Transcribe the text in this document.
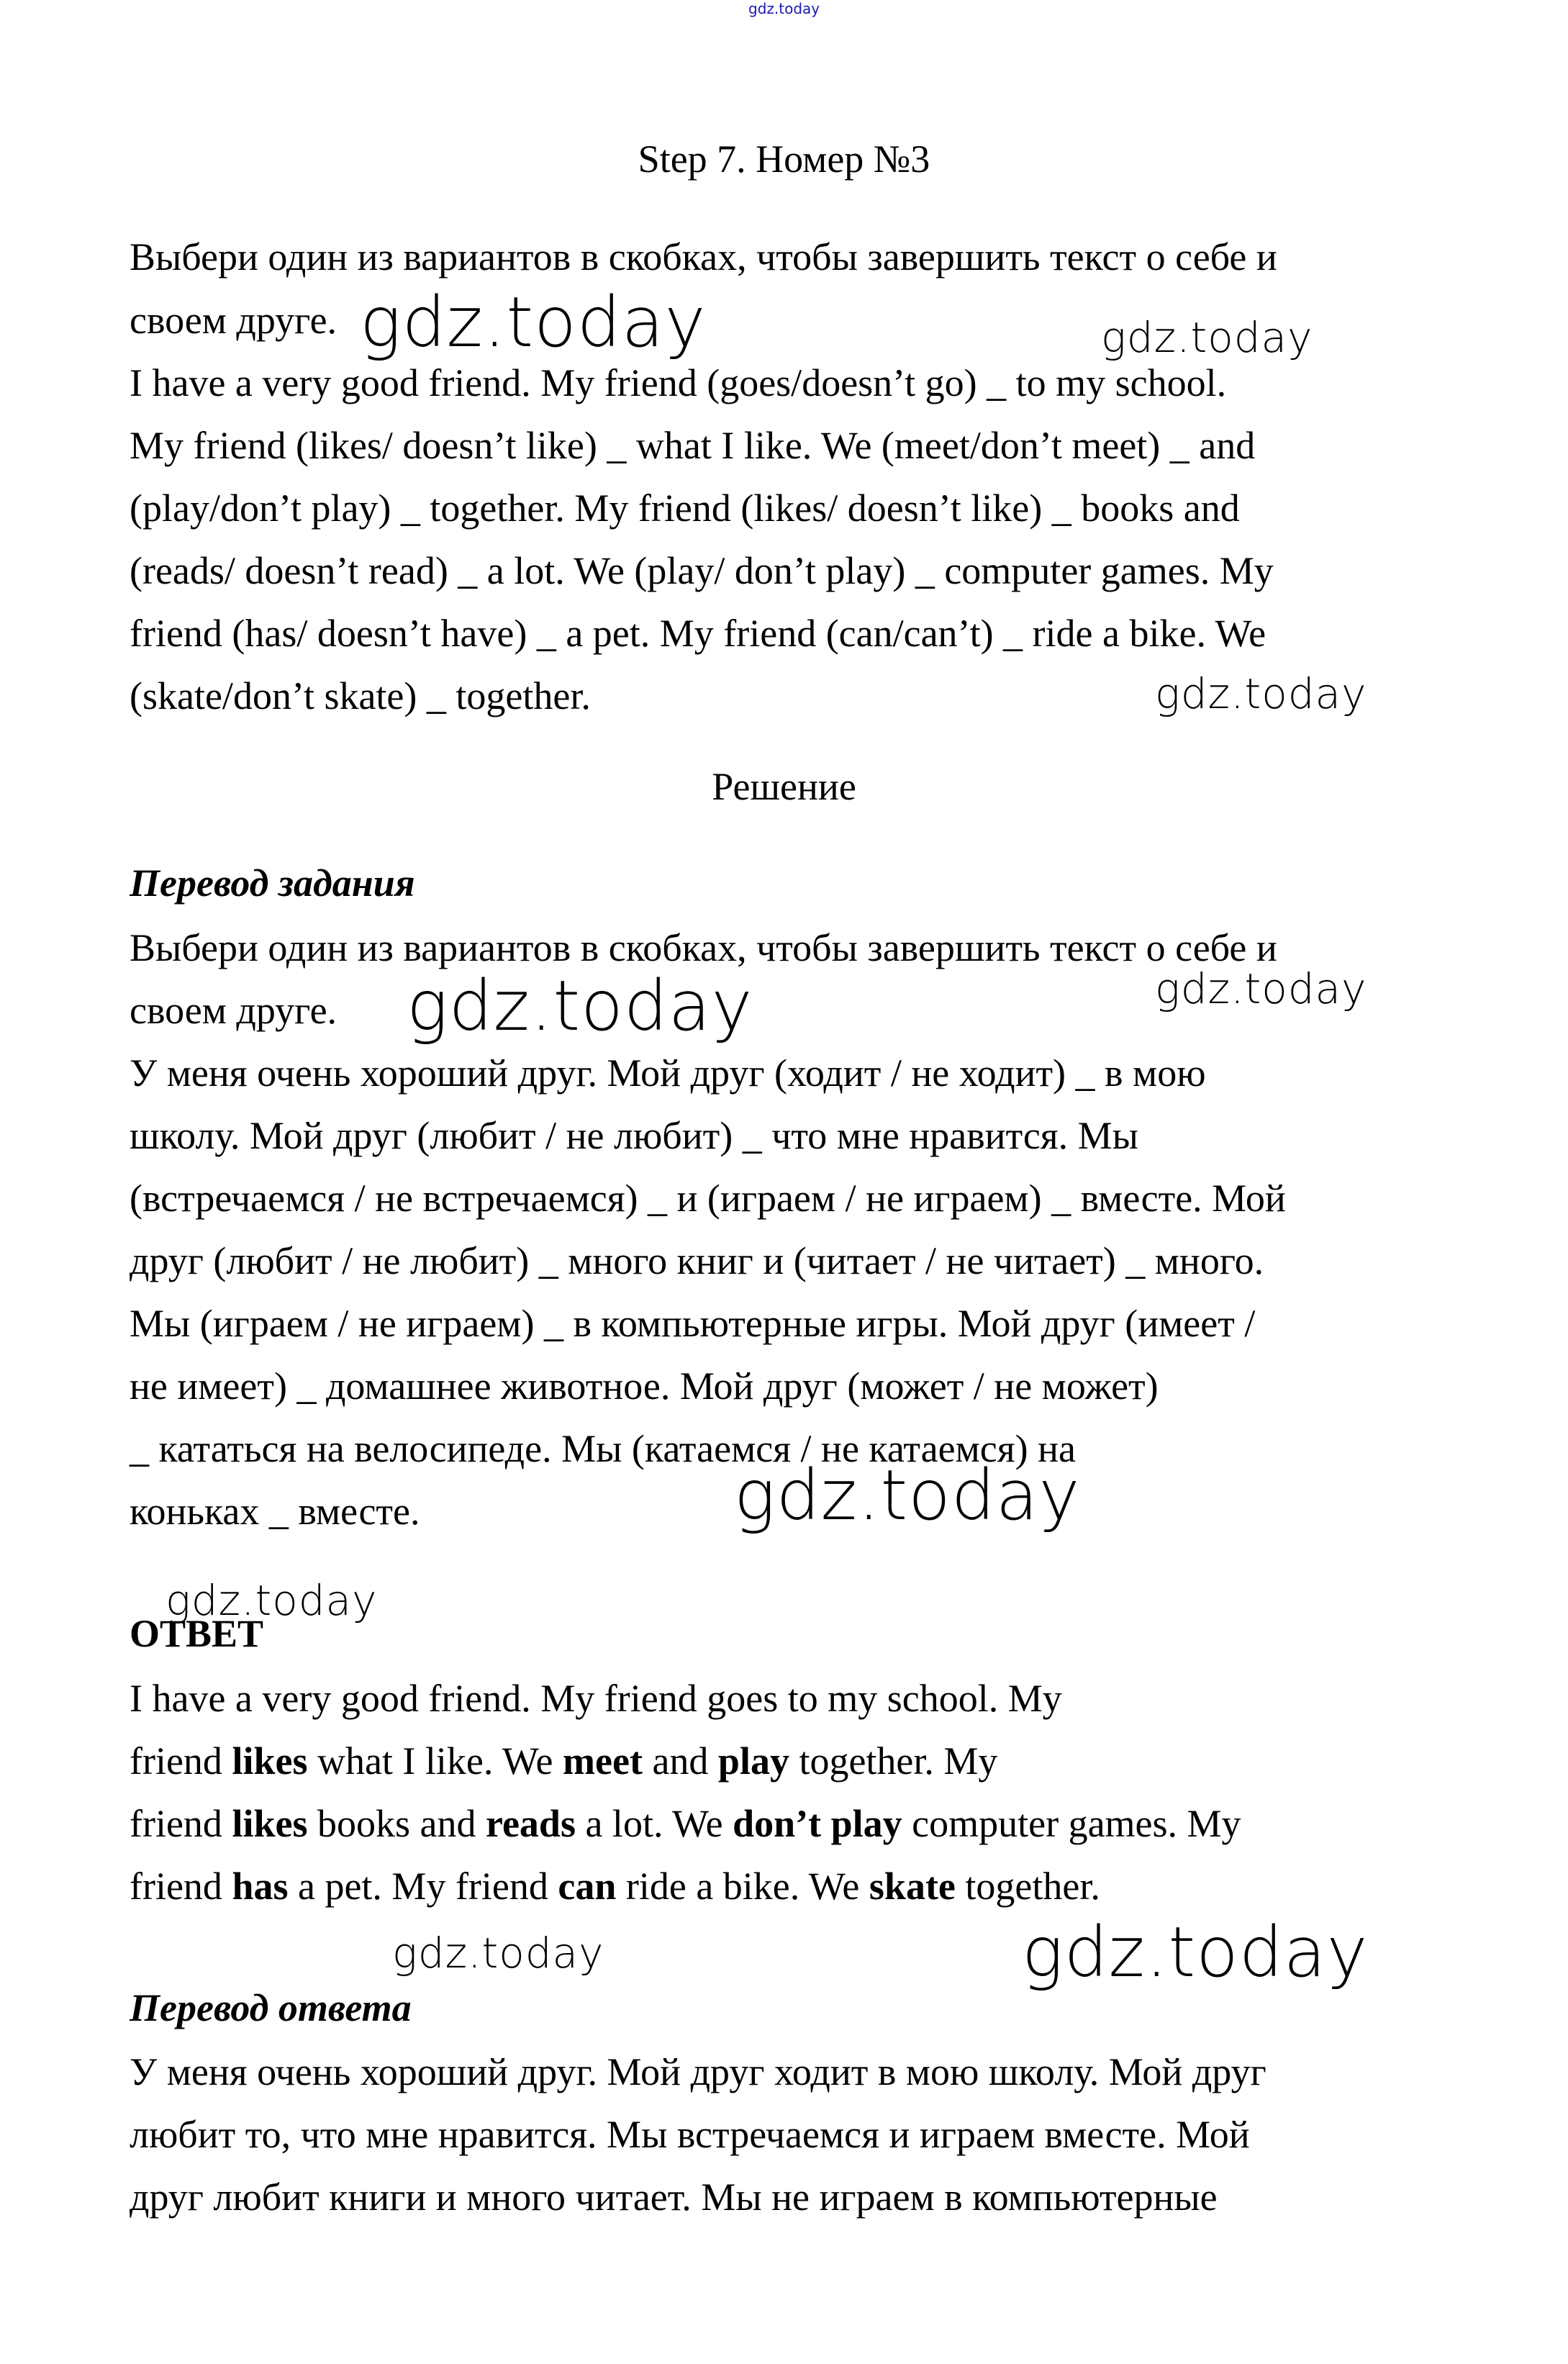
gdz.today
Step 7. Номер №3
Выбери один из вариантов в скобках, чтобы завершить текст о себе и
своем друге.
I have a very good friend. My friend (goes/doesn’t go) _ to my school.
My friend (likes/ doesn’t like) _ what I like. We (meet/don’t meet) _ and
(play/don’t play) _ together. My friend (likes/ doesn’t like) _ books and
(reads/ doesn’t read) _ a lot. We (play/ don’t play) _ computer games. My
friend (has/ doesn’t have) _ a pet. My friend (can/can’t) _ ride a bike. We
(skate/don’t skate) _ together.
Решение
Перевод задания
Выбери один из вариантов в скобках, чтобы завершить текст о себе и
своем друге.
У меня очень хороший друг. Мой друг (ходит / не ходит) _ в мою
школу. Мой друг (любит / не любит) _ что мне нравится. Мы
(встречаемся / не встречаемся) _ и (играем / не играем) _ вместе. Мой
друг (любит / не любит) _ много книг и (читает / не читает) _ много.
Мы (играем / не играем) _ в компьютерные игры. Мой друг (имеет /
не имеет) _ домашнее животное. Мой друг (может / не может)
_ кататься на велосипеде. Мы (катаемся / не катаемся) на
коньках _ вместе.
ОТВЕТ
I have a very good friend. My friend goes to my school. My
friend likes what I like. We meet and play together. My
friend likes books and reads a lot. We don’t play computer games. My
friend has a pet. My friend can ride a bike. We skate together.
Перевод ответа
У меня очень хороший друг. Мой друг ходит в мою школу. Мой друг
любит то, что мне нравится. Мы встречаемся и играем вместе. Мой
друг любит книги и много читает. Мы не играем в компьютерные
gdz.today	gdz.today
gdz.today
gdz.today
gdz.today
gdz.today
gdz.today
gdz.today	gdz.today
